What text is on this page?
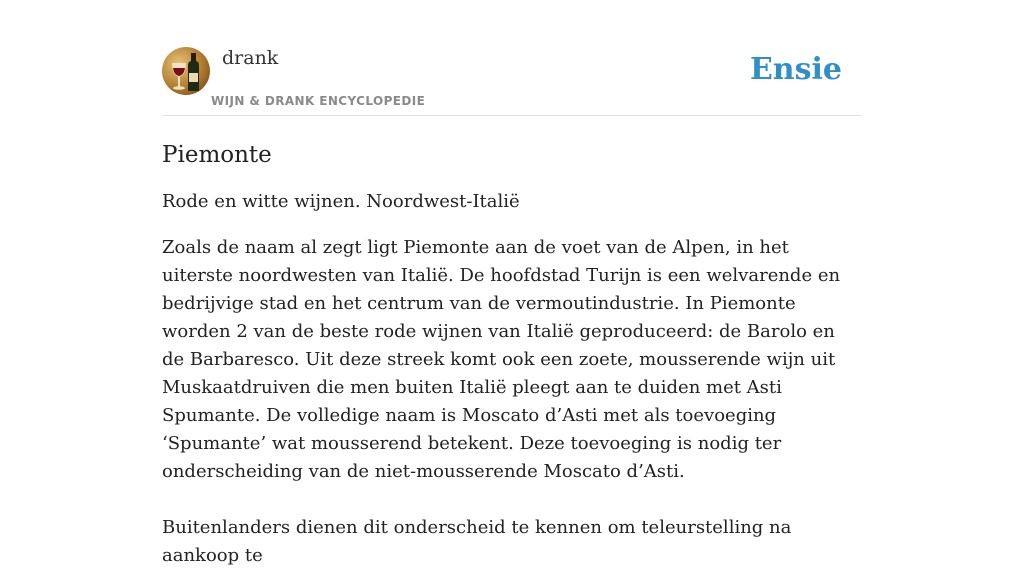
drank
WIJN & DRANK ENCYCLOPEDIE
Ensie
Piemonte

Rode en witte wijnen. Noordwest-Italië

Zoals de naam al zegt ligt Piemonte aan de voet van de Alpen, in het uiterste noordwesten van Italië. De hoofdstad Turijn is een welvarende en bedrijvige stad en het centrum van de vermoutindustrie. In Piemonte worden 2 van de beste rode wijnen van Italië geproduceerd: de Barolo en de Barbaresco. Uit deze streek komt ook een zoete, mousserende wijn uit Muskaatdruiven die men buiten Italië pleegt aan te duiden met Asti Spumante. De volledige naam is Moscato d’Asti met als toevoeging ‘Spumante’ wat mousserend betekent. Deze toevoeging is nodig ter onderscheiding van de niet-mousserende Moscato d’Asti.

Buitenlanders dienen dit onderscheid te kennen om teleurstelling na aankoop te
